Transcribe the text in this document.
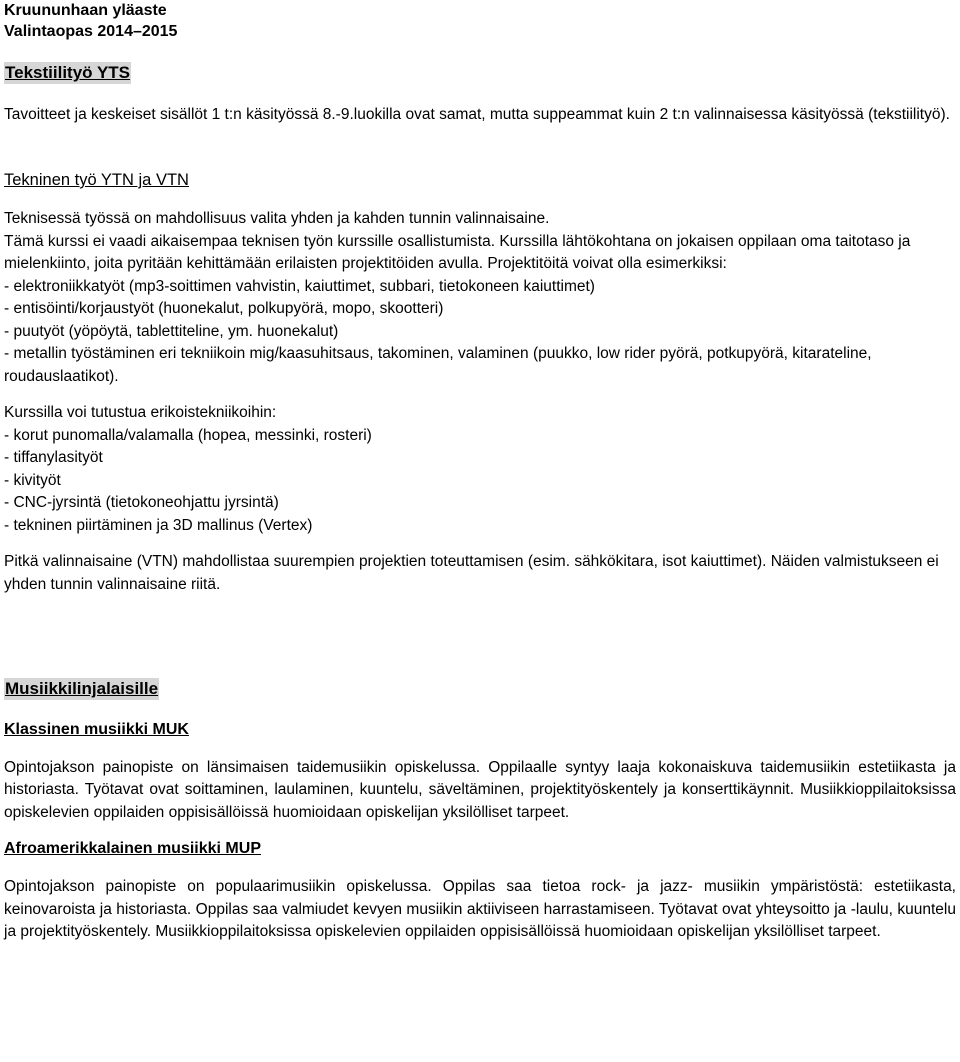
Kruununhaan yläaste
Valintaopas 2014–2015
Tekstiilityö YTS

Tavoitteet ja keskeiset sisällöt 1 t:n käsityössä 8.-9.luokilla ovat samat, mutta suppeammat kuin 2 t:n valinnaisessa käsityössä (tekstiilityö).

Tekninen työ YTN ja VTN

Teknisessä työssä on mahdollisuus valita yhden ja kahden tunnin valinnaisaine.

Tämä kurssi ei vaadi aikaisempaa teknisen työn kurssille osallistumista. Kurssilla lähtökohtana on jokaisen oppilaan oma taitotaso ja mielenkiinto, joita pyritään kehittämään erilaisten projektitöiden avulla. Projektitöitä voivat olla esimerkiksi:

- elektroniikkatyöt (mp3-soittimen vahvistin, kaiuttimet, subbari, tietokoneen kaiuttimet)
- entisöinti/korjaustyöt (huonekalut, polkupyörä, mopo, skootteri)
- puutyöt (yöpöytä, tablettiteline, ym. huonekalut)
- metallin työstäminen eri tekniikoin mig/kaasuhitsaus, takominen, valaminen (puukko, low rider pyörä, potkupyörä, kitarateline, roudauslaatikot).

Kurssilla voi tutustua erikoistekniikoihin:

- korut punomalla/valamalla (hopea, messinki, rosteri)
- tiffanylasityöt
- kivityöt
- CNC-jyrsintä (tietokoneohjattu jyrsintä)
- tekninen piirtäminen ja 3D mallinus (Vertex)

Pitkä valinnaisaine (VTN) mahdollistaa suurempien projektien toteuttamisen (esim. sähkökitara, isot kaiuttimet). Näiden valmistukseen ei yhden tunnin valinnaisaine riitä.

Musiikkilinjalaisille
Klassinen musiikki MUK

Opintojakson painopiste on länsimaisen taidemusiikin opiskelussa. Oppilaalle syntyy laaja kokonaiskuva taidemusiikin estetiikasta ja historiasta. Työtavat ovat soittaminen, laulaminen, kuuntelu, säveltäminen, projektityöskentely ja konserttikäynnit. Musiikkioppilaitoksissa opiskelevien oppilaiden oppisisällöissä huomioidaan opiskelijan yksilölliset tarpeet.

Afroamerikkalainen musiikki MUP

Opintojakson painopiste on populaarimusiikin opiskelussa. Oppilas saa tietoa rock- ja jazz- musiikin ympäristöstä: estetiikasta, keinovaroista ja historiasta. Oppilas saa valmiudet kevyen musiikin aktiiviseen harrastamiseen. Työtavat ovat yhteysoitto ja -laulu, kuuntelu ja projektityöskentely. Musiikkioppilaitoksissa opiskelevien oppilaiden oppisisällöissä huomioidaan opiskelijan yksilölliset tarpeet.
